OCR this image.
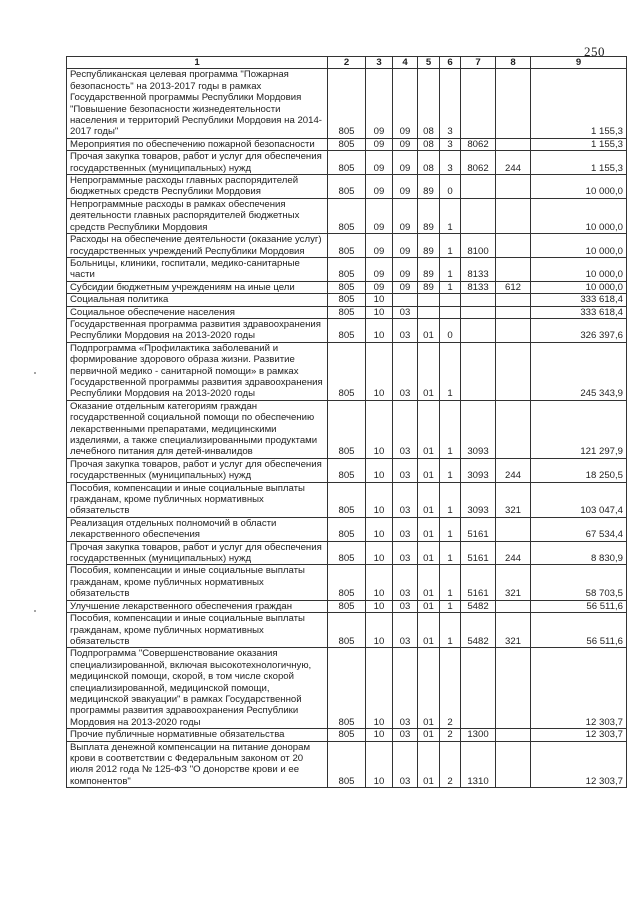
250
1	2	3	4	5	6	7	8	9
Республиканская целевая программа "Пожарная безопасность" на 2013-2017 годы в рамках Государственной программы Республики Мордовия "Повышение безопасности жизнедеятельности населения и территорий Республики Мордовия на 2014-2017 годы"	805	09	09	08	3			1 155,3
Мероприятия по обеспечению пожарной безопасности	805	09	09	08	3	8062		1 155,3
Прочая закупка товаров, работ и услуг для обеспечения государственных (муниципальных) нужд	805	09	09	08	3	8062	244	1 155,3
Непрограммные расходы главных распорядителей бюджетных средств Республики Мордовия	805	09	09	89	0			10 000,0
Непрограммные расходы в рамках обеспечения деятельности главных распорядителей бюджетных средств Республики Мордовия	805	09	09	89	1			10 000,0
Расходы на обеспечение деятельности (оказание услуг) государственных учреждений Республики Мордовия	805	09	09	89	1	8100		10 000,0
Больницы, клиники, госпитали, медико-санитарные части	805	09	09	89	1	8133		10 000,0
Субсидии бюджетным учреждениям на иные цели	805	09	09	89	1	8133	612	10 000,0
Социальная политика	805	10						333 618,4
Социальное обеспечение населения	805	10	03					333 618,4
Государственная программа развития здравоохранения Республики Мордовия на 2013-2020 годы	805	10	03	01	0			326 397,6
Подпрограмма «Профилактика заболеваний и формирование здорового образа жизни. Развитие первичной медико - санитарной помощи» в рамках Государственной программы развития здравоохранения Республики Мордовия на 2013-2020 годы	805	10	03	01	1			245 343,9
Оказание отдельным категориям граждан государственной социальной помощи по обеспечению лекарственными препаратами, медицинскими изделиями, а также специализированными продуктами лечебного питания для детей-инвалидов	805	10	03	01	1	3093		121 297,9
Прочая закупка товаров, работ и услуг для обеспечения государственных (муниципальных) нужд	805	10	03	01	1	3093	244	18 250,5
Пособия, компенсации и иные социальные выплаты гражданам, кроме публичных нормативных обязательств	805	10	03	01	1	3093	321	103 047,4
Реализация отдельных полномочий в области лекарственного обеспечения	805	10	03	01	1	5161		67 534,4
Прочая закупка товаров, работ и услуг для обеспечения государственных (муниципальных) нужд	805	10	03	01	1	5161	244	8 830,9
Пособия, компенсации и иные социальные выплаты гражданам, кроме публичных нормативных обязательств	805	10	03	01	1	5161	321	58 703,5
Улучшение лекарственного обеспечения граждан	805	10	03	01	1	5482		56 511,6
Пособия, компенсации и иные социальные выплаты гражданам, кроме публичных нормативных обязательств	805	10	03	01	1	5482	321	56 511,6
Подпрограмма "Совершенствование оказания специализированной, включая высокотехнологичную, медицинской помощи, скорой, в том числе скорой специализированной, медицинской помощи, медицинской эвакуации" в рамках Государственной программы развития здравоохранения Республики Мордовия на 2013-2020 годы	805	10	03	01	2			12 303,7
Прочие публичные нормативные обязательства	805	10	03	01	2	1300		12 303,7
Выплата денежной компенсации на питание донорам крови в соответствии с Федеральным законом от 20 июля 2012 года № 125-ФЗ "О донорстве крови и ее компонентов"	805	10	03	01	2	1310		12 303,7
